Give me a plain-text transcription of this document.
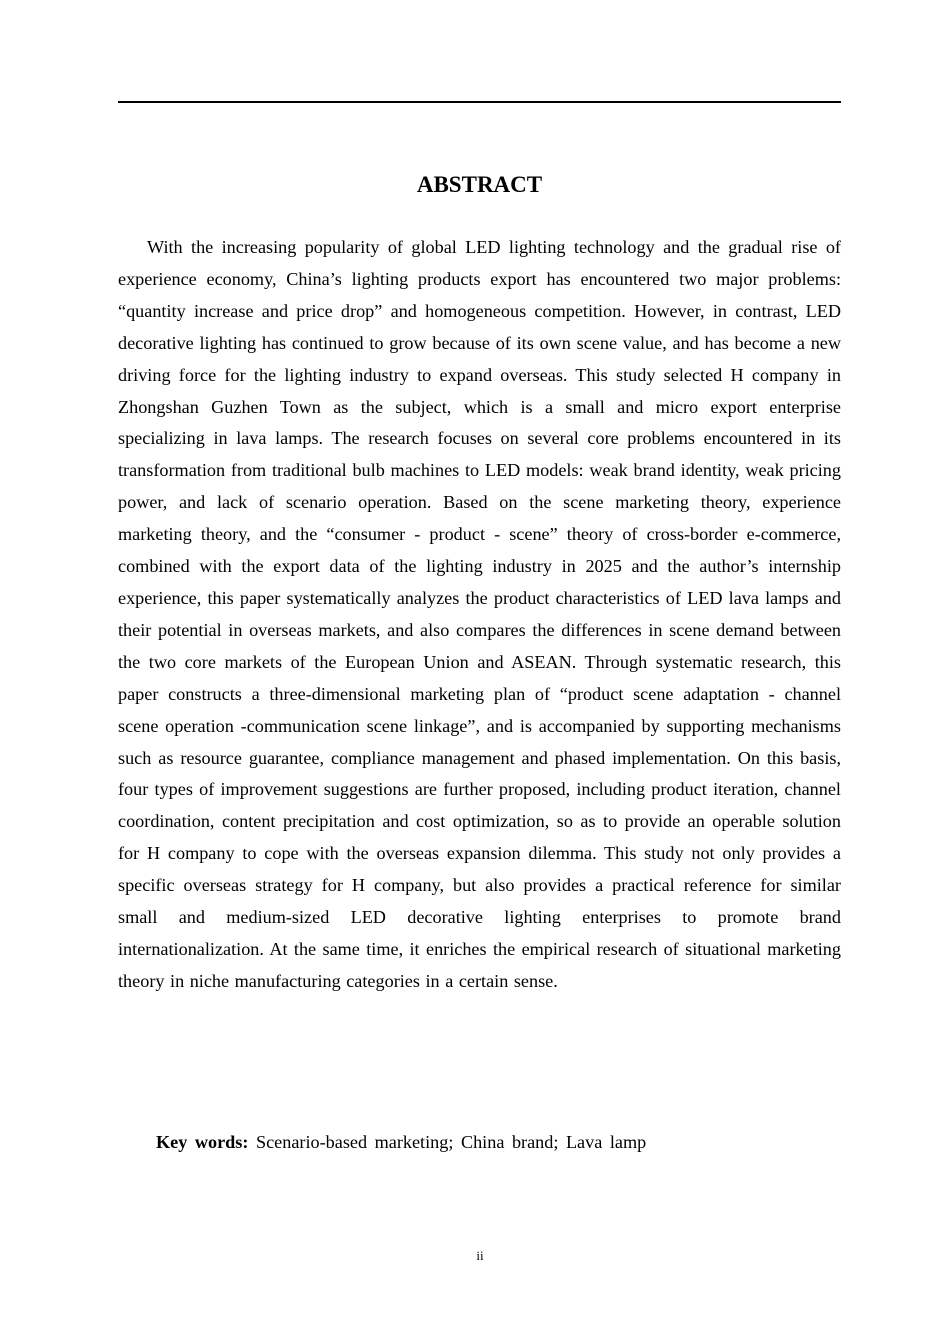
ABSTRACT

With the increasing popularity of global LED lighting technology and the gradual rise of experience economy, China’s lighting products export has encountered two major problems: “quantity increase and price drop” and homogeneous competition. However, in contrast, LED decorative lighting has continued to grow because of its own scene value, and has become a new driving force for the lighting industry to expand overseas. This study selected H company in Zhongshan Guzhen Town as the subject, which is a small and micro export enterprise specializing in lava lamps. The research focuses on several core problems encountered in its transformation from traditional bulb machines to LED models: weak brand identity, weak pricing power, and lack of scenario operation. Based on the scene marketing theory, experience marketing theory, and the “consumer - product - scene” theory of cross-border e-commerce, combined with the export data of the lighting industry in 2025 and the author’s internship experience, this paper systematically analyzes the product characteristics of LED lava lamps and their potential in overseas markets, and also compares the differences in scene demand between the two core markets of the European Union and ASEAN. Through systematic research, this paper constructs a three-dimensional marketing plan of “product scene adaptation - channel scene operation -communication scene linkage”, and is accompanied by supporting mechanisms such as resource guarantee, compliance management and phased implementation. On this basis, four types of improvement suggestions are further proposed, including product iteration, channel coordination, content precipitation and cost optimization, so as to provide an operable solution for H company to cope with the overseas expansion dilemma. This study not only provides a specific overseas strategy for H company, but also provides a practical reference for similar small and medium-sized LED decorative lighting enterprises to promote brand internationalization. At the same time, it enriches the empirical research of situational marketing theory in niche manufacturing categories in a certain sense.

Key words: Scenario-based marketing; China brand; Lava lamp
ii
